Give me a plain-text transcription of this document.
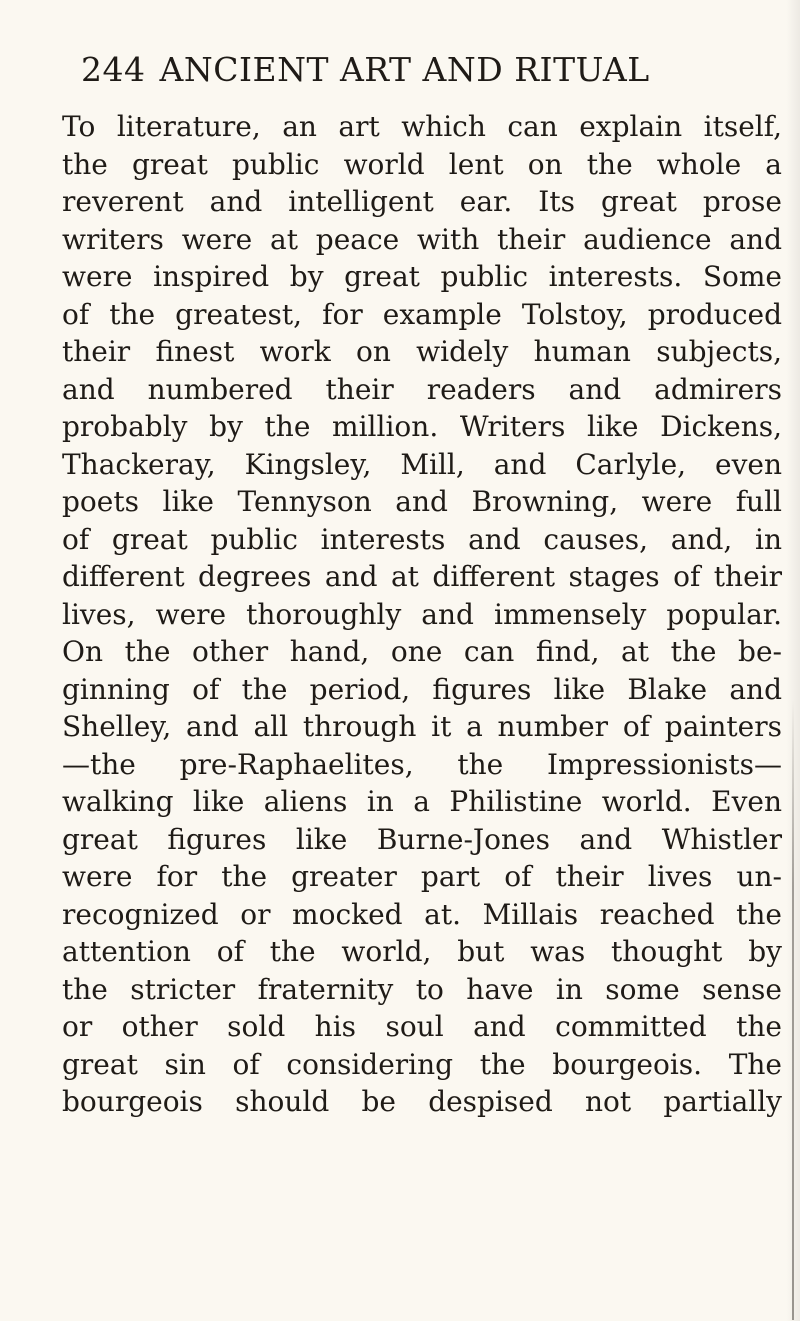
244 ANCIENT ART AND RITUAL
To literature, an art which can explain itself,
the great public world lent on the whole a
reverent and intelligent ear. Its great prose
writers were at peace with their audience and
were inspired by great public interests. Some
of the greatest, for example Tolstoy, produced
their finest work on widely human subjects,
and numbered their readers and admirers
probably by the million. Writers like Dickens,
Thackeray, Kingsley, Mill, and Carlyle, even
poets like Tennyson and Browning, were full
of great public interests and causes, and, in
different degrees and at different stages of their
lives, were thoroughly and immensely popular.
On the other hand, one can find, at the be-
ginning of the period, figures like Blake and
Shelley, and all through it a number of painters
—the pre-Raphaelites, the Impressionists—
walking like aliens in a Philistine world. Even
great figures like Burne-Jones and Whistler
were for the greater part of their lives un-
recognized or mocked at. Millais reached the
attention of the world, but was thought by
the stricter fraternity to have in some sense
or other sold his soul and committed the
great sin of considering the bourgeois. The
bourgeois should be despised not partially
